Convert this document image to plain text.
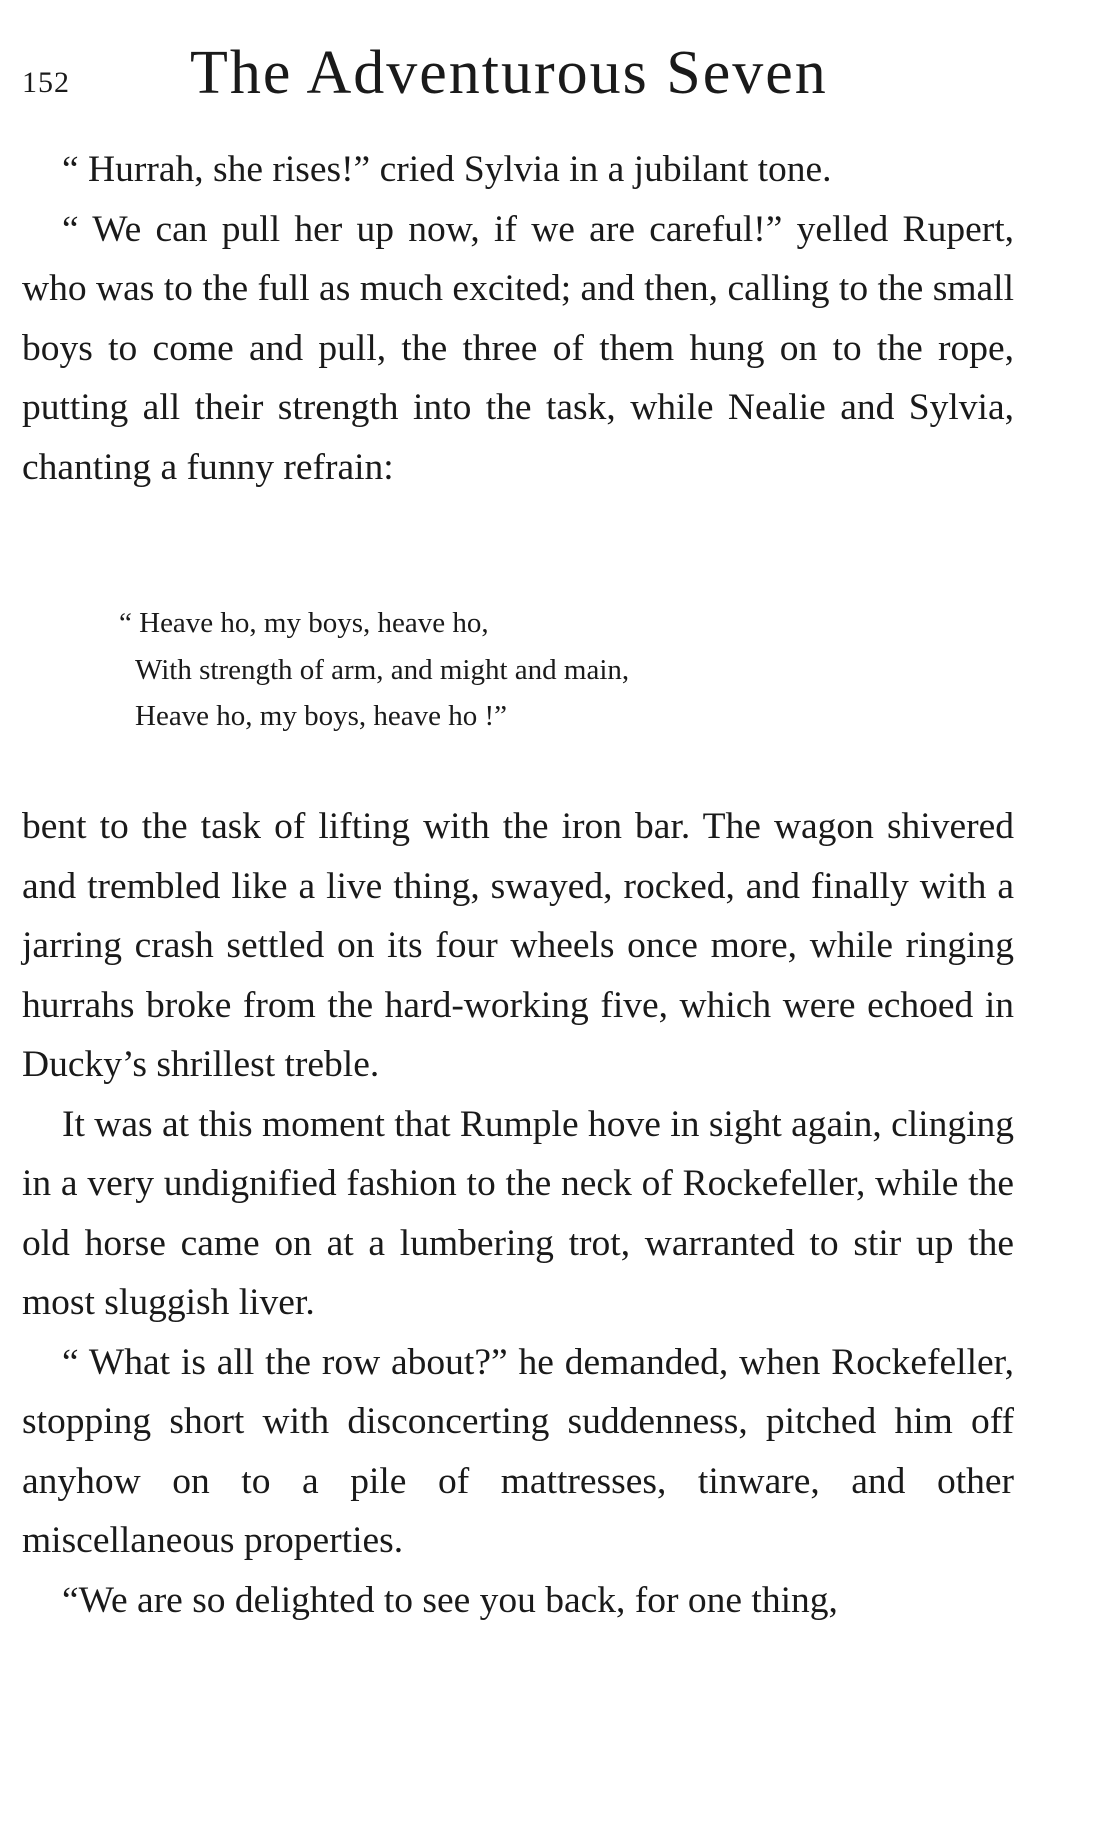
152 The Adventurous Seven

“ Hurrah, she rises!” cried Sylvia in a jubilant tone.

“ We can pull her up now, if we are careful!” yelled Rupert, who was to the full as much excited; and then, calling to the small boys to come and pull, the three of them hung on to the rope, putting all their strength into the task, while Nealie and Sylvia, chanting a funny refrain:

“ Heave ho, my boys, heave ho,
With strength of arm, and might and main,
Heave ho, my boys, heave ho !”

bent to the task of lifting with the iron bar. The wagon shivered and trembled like a live thing, swayed, rocked, and finally with a jarring crash settled on its four wheels once more, while ringing hurrahs broke from the hard-working five, which were echoed in Ducky’s shrillest treble.

It was at this moment that Rumple hove in sight again, clinging in a very undignified fashion to the neck of Rockefeller, while the old horse came on at a lumbering trot, warranted to stir up the most sluggish liver.

“ What is all the row about?” he demanded, when Rockefeller, stopping short with disconcerting suddenness, pitched him off anyhow on to a pile of mattresses, tinware, and other miscellaneous properties.

“We are so delighted to see you back, for one thing,
